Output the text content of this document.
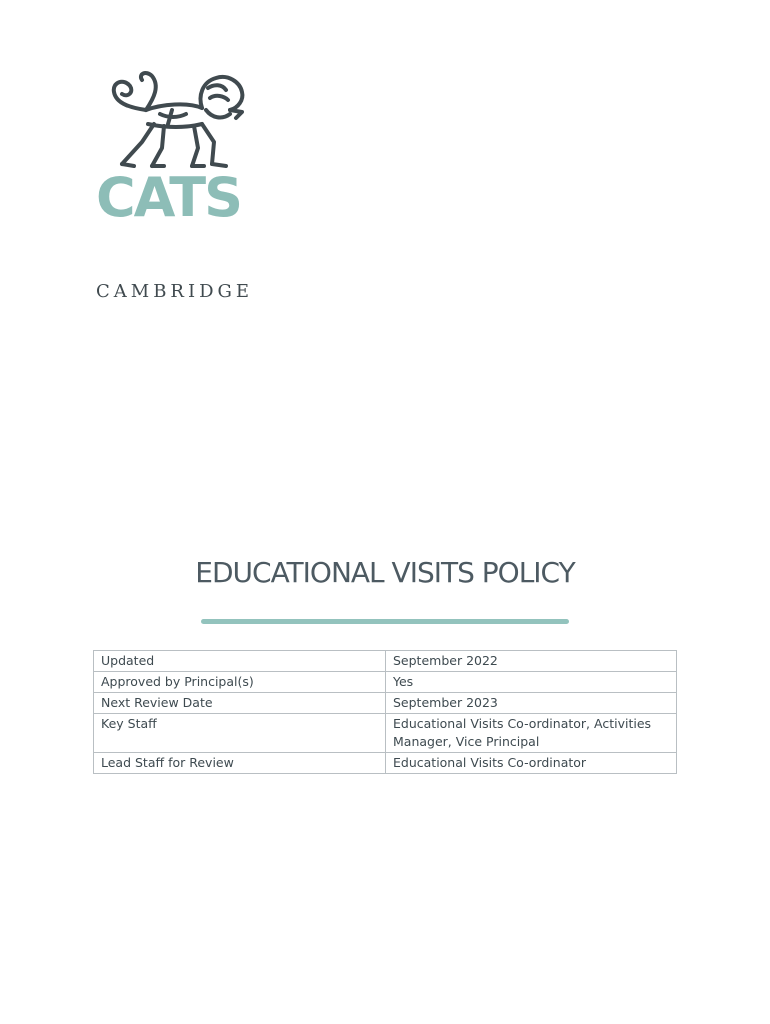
CATS
CAMBRIDGE
EDUCATIONAL VISITS POLICY
Updated	September 2022
Approved by Principal(s)	Yes
Next Review Date	September 2023
Key Staff	Educational Visits Co-ordinator, Activities Manager, Vice Principal
Lead Staff for Review	Educational Visits Co-ordinator
